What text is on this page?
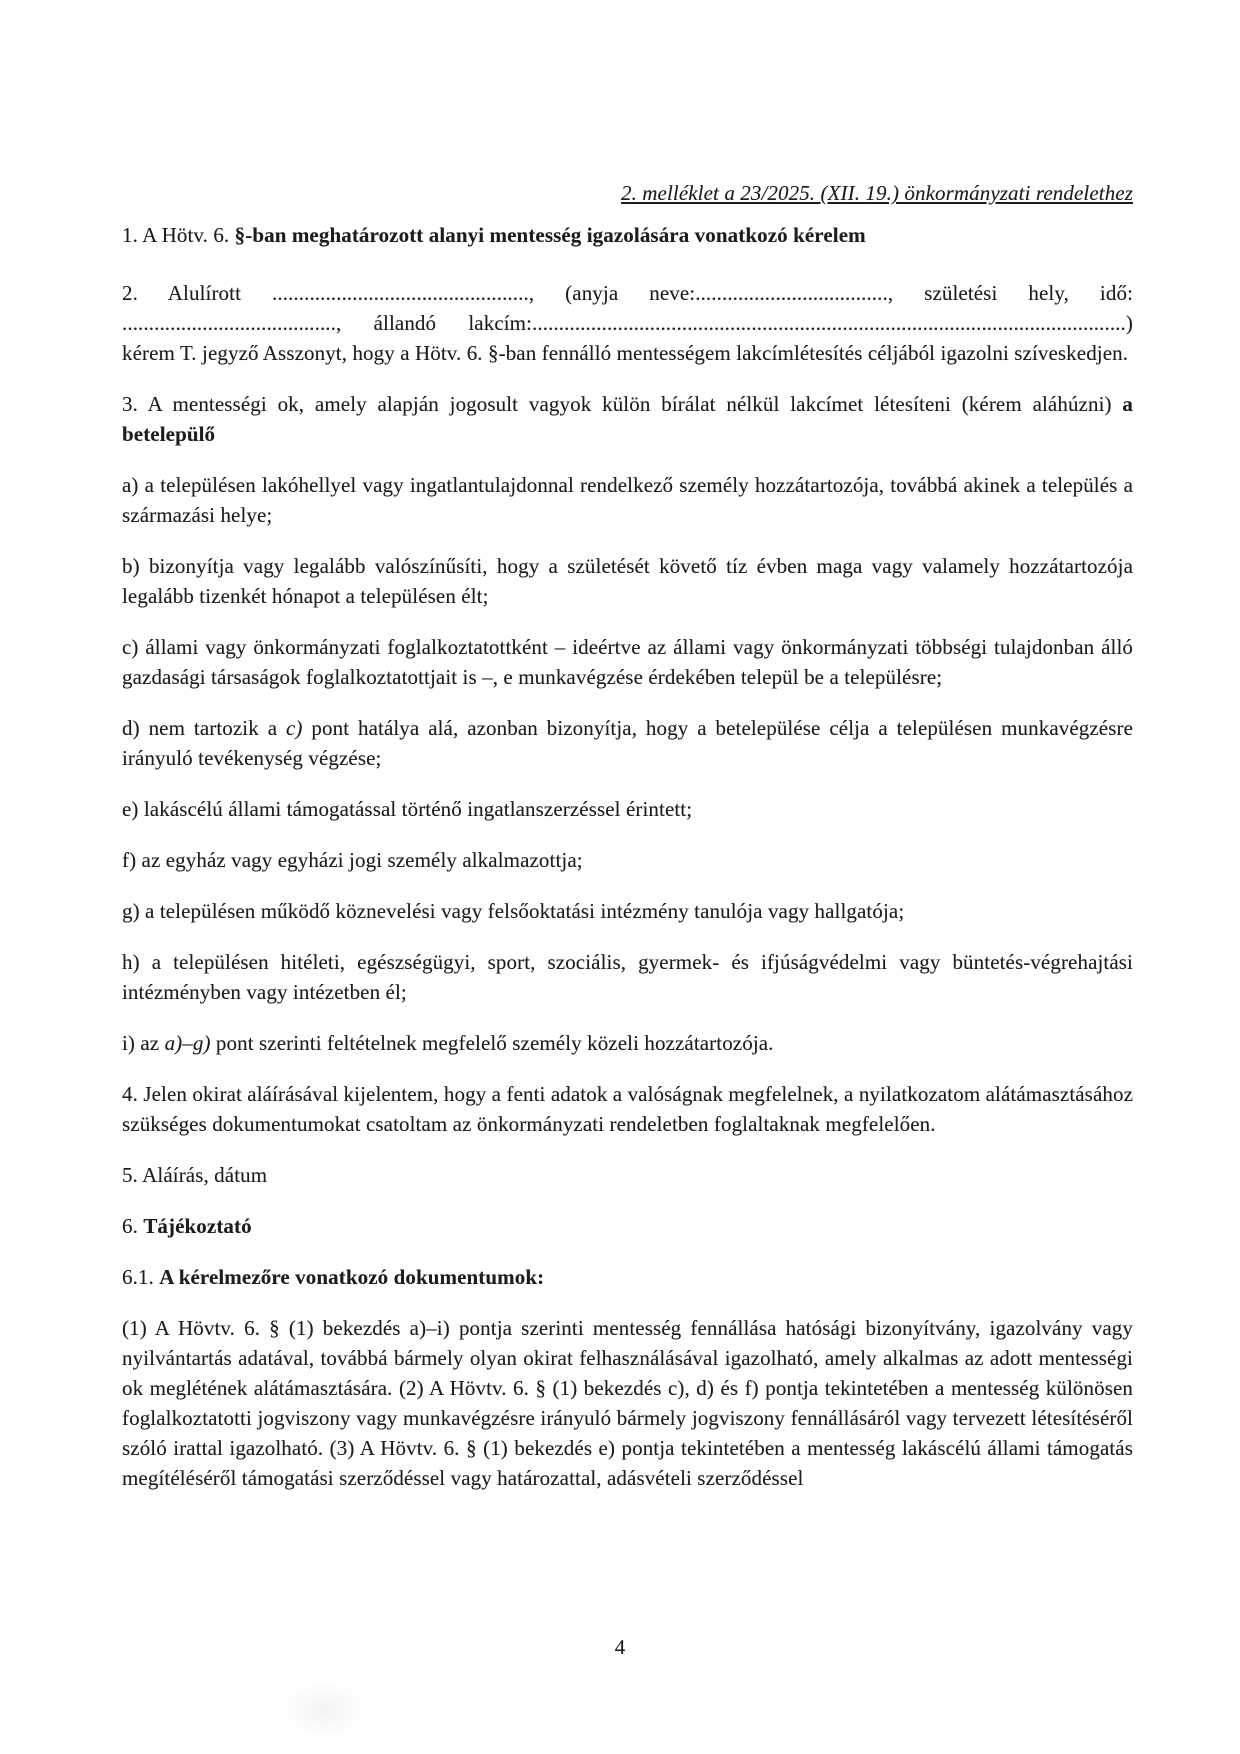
2. melléklet a 23/2025. (XII. 19.) önkormányzati rendelethez

1. A Hötv. 6. §-ban meghatározott alanyi mentesség igazolására vonatkozó kérelem

2. Alulírott ................................................, (anyja neve:...................................., születési hely, idő: ........................................, állandó lakcím:...............................................................................................................) kérem T. jegyző Asszonyt, hogy a Hötv. 6. §-ban fennálló mentességem lakcímlétesítés céljából igazolni szíveskedjen.

3. A mentességi ok, amely alapján jogosult vagyok külön bírálat nélkül lakcímet létesíteni (kérem aláhúzni) a betelepülő

a) a településen lakóhellyel vagy ingatlantulajdonnal rendelkező személy hozzátartozója, továbbá akinek a település a származási helye;

b) bizonyítja vagy legalább valószínűsíti, hogy a születését követő tíz évben maga vagy valamely hozzátartozója legalább tizenkét hónapot a településen élt;

c) állami vagy önkormányzati foglalkoztatottként – ideértve az állami vagy önkormányzati többségi tulajdonban álló gazdasági társaságok foglalkoztatottjait is –, e munkavégzése érdekében települ be a településre;

d) nem tartozik a c) pont hatálya alá, azonban bizonyítja, hogy a betelepülése célja a településen munkavégzésre irányuló tevékenység végzése;

e) lakáscélú állami támogatással történő ingatlanszerzéssel érintett;

f) az egyház vagy egyházi jogi személy alkalmazottja;

g) a településen működő köznevelési vagy felsőoktatási intézmény tanulója vagy hallgatója;

h) a településen hitéleti, egészségügyi, sport, szociális, gyermek- és ifjúságvédelmi vagy büntetés-végrehajtási intézményben vagy intézetben él;

i) az a)–g) pont szerinti feltételnek megfelelő személy közeli hozzátartozója.

4. Jelen okirat aláírásával kijelentem, hogy a fenti adatok a valóságnak megfelelnek, a nyilatkozatom alátámasztásához szükséges dokumentumokat csatoltam az önkormányzati rendeletben foglaltaknak megfelelően.

5. Aláírás, dátum

6. Tájékoztató

6.1. A kérelmezőre vonatkozó dokumentumok:

(1) A Hövtv. 6. § (1) bekezdés a)–i) pontja szerinti mentesség fennállása hatósági bizonyítvány, igazolvány vagy nyilvántartás adatával, továbbá bármely olyan okirat felhasználásával igazolható, amely alkalmas az adott mentességi ok meglétének alátámasztására. (2) A Hövtv. 6. § (1) bekezdés c), d) és f) pontja tekintetében a mentesség különösen foglalkoztatotti jogviszony vagy munkavégzésre irányuló bármely jogviszony fennállásáról vagy tervezett létesítéséről szóló irattal igazolható. (3) A Hövtv. 6. § (1) bekezdés e) pontja tekintetében a mentesség lakáscélú állami támogatás megítéléséről támogatási szerződéssel vagy határozattal, adásvételi szerződéssel

4
